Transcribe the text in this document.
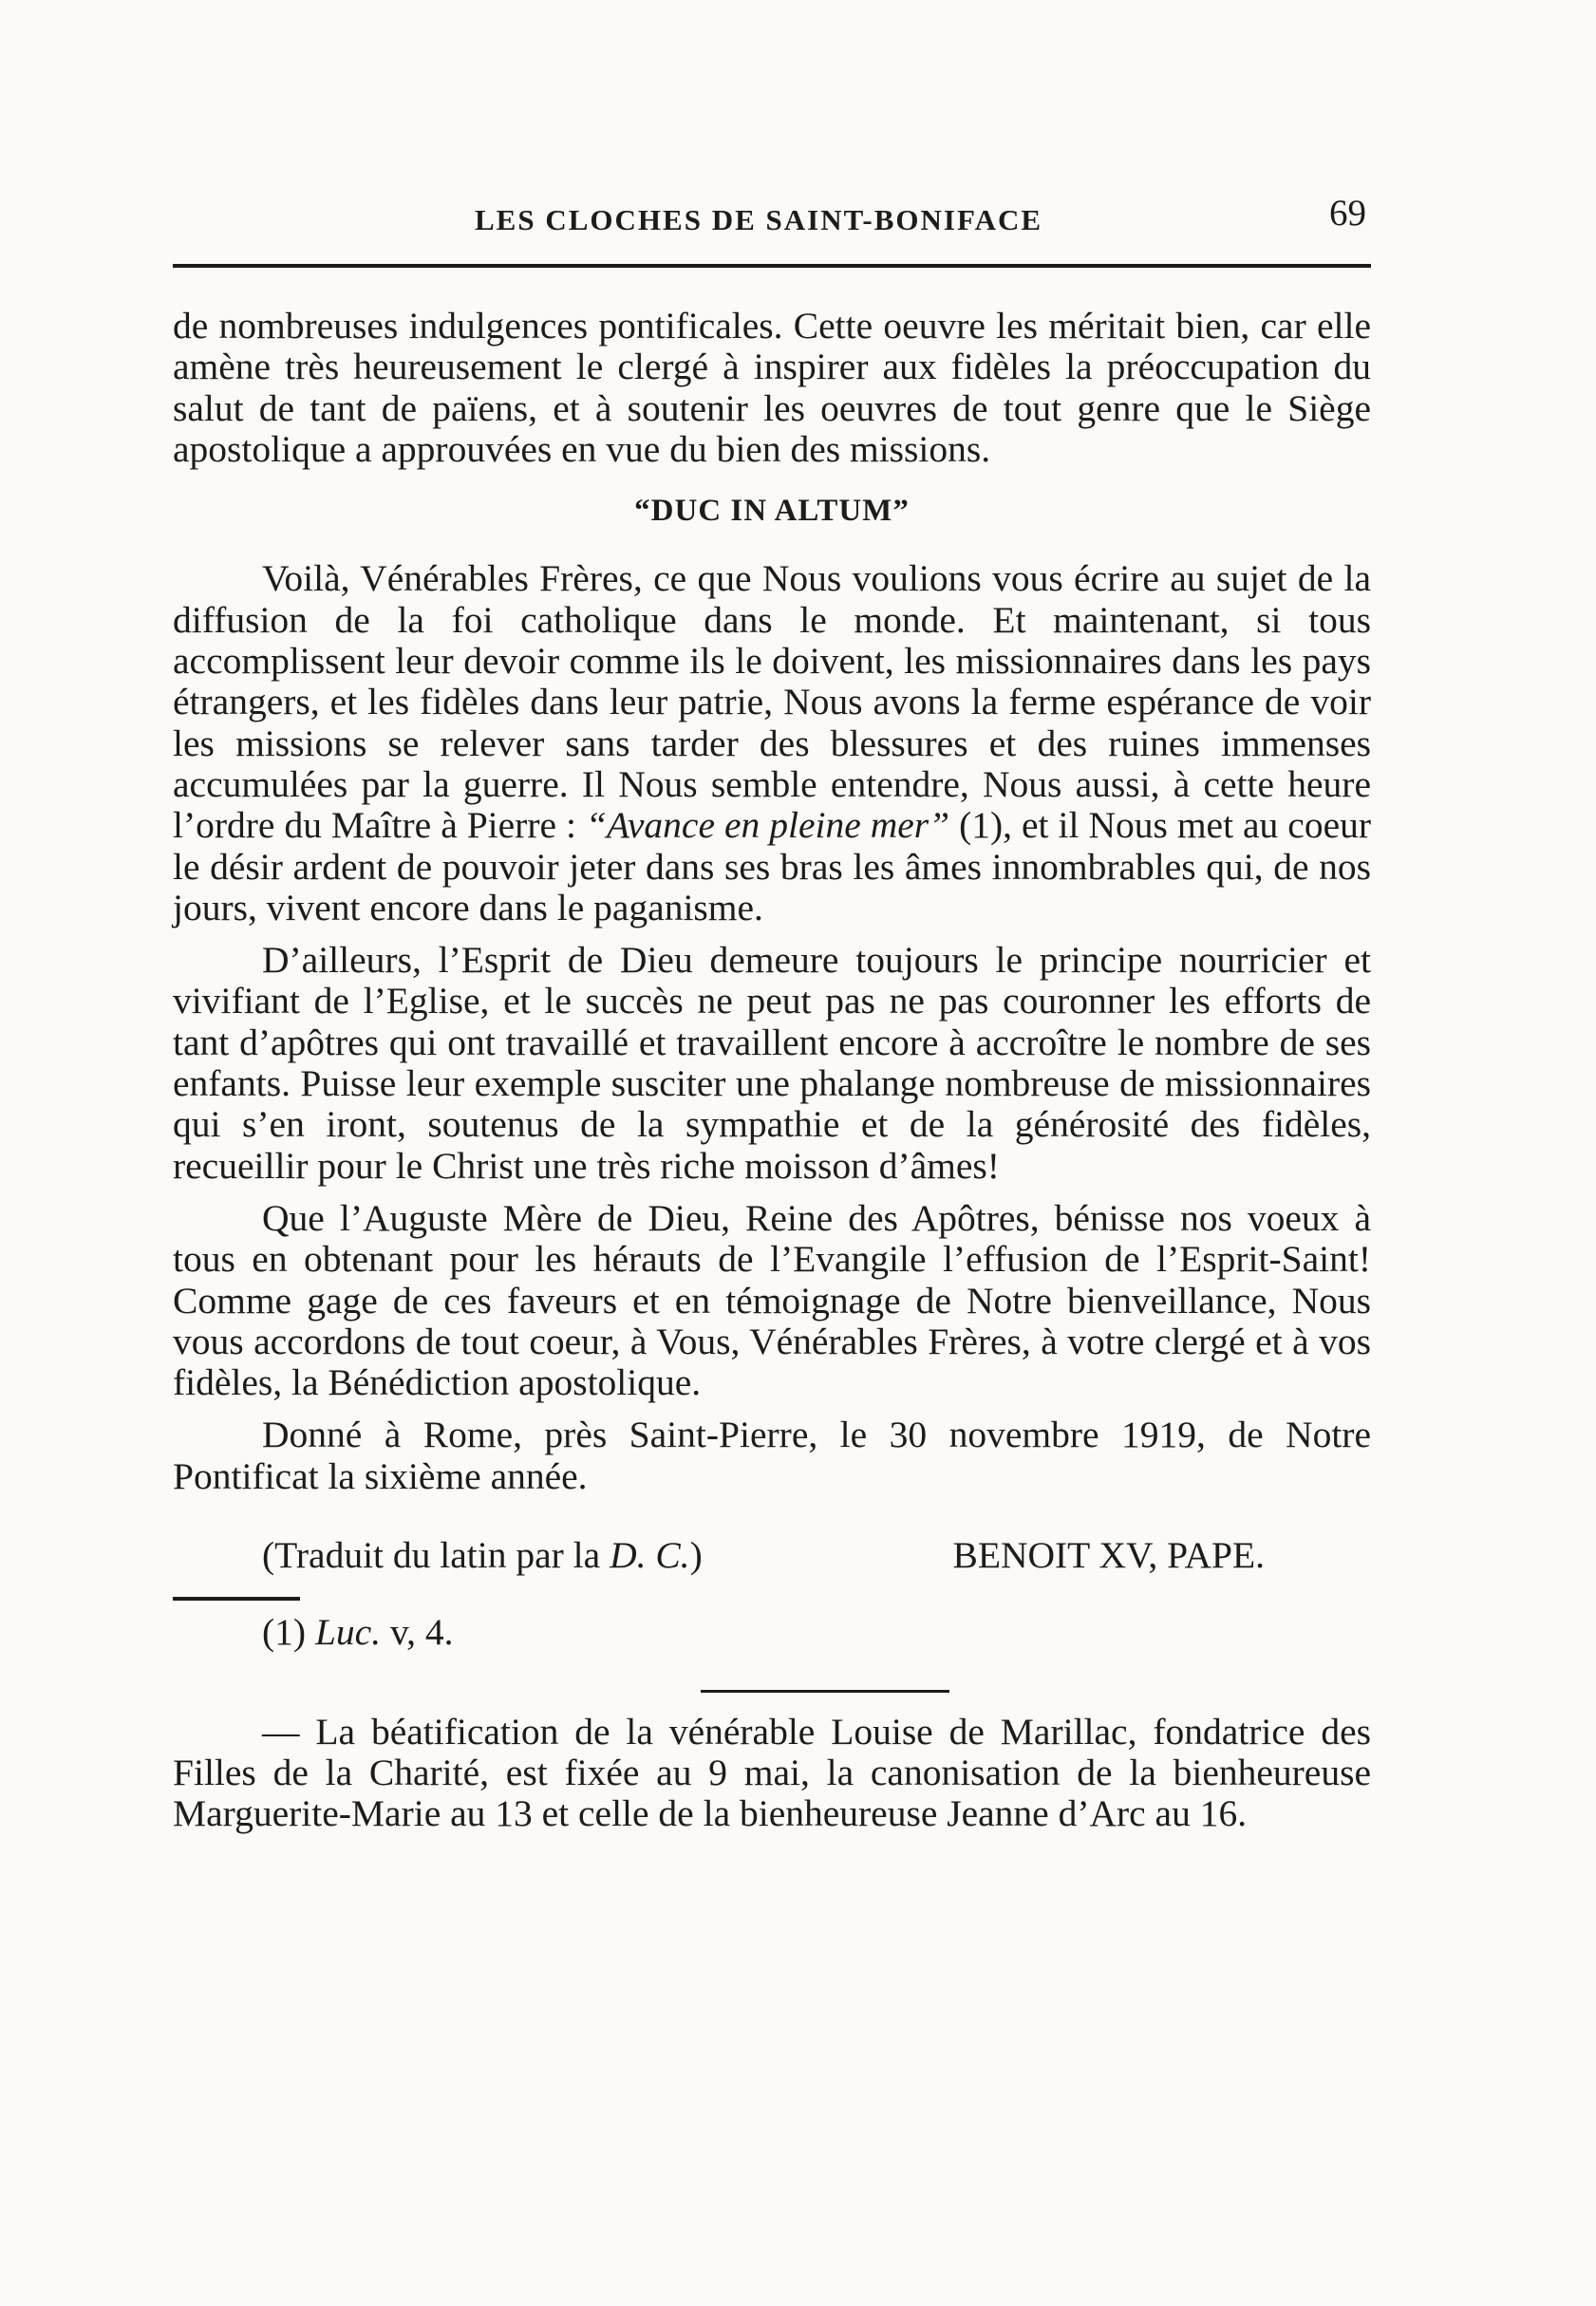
LES CLOCHES DE SAINT-BONIFACE	69

de nombreuses indulgences pontificales. Cette oeuvre les méritait bien, car elle amène très heureusement le clergé à inspirer aux fidèles la préoccupation du salut de tant de païens, et à soutenir les oeuvres de tout genre que le Siège apostolique a approuvées en vue du bien des missions.

“DUC IN ALTUM”

Voilà, Vénérables Frères, ce que Nous voulions vous écrire au sujet de la diffusion de la foi catholique dans le monde. Et maintenant, si tous accomplissent leur devoir comme ils le doivent, les missionnaires dans les pays étrangers, et les fidèles dans leur patrie, Nous avons la ferme espérance de voir les missions se relever sans tarder des blessures et des ruines immenses accumulées par la guerre. Il Nous semble entendre, Nous aussi, à cette heure l’ordre du Maître à Pierre : “Avance en pleine mer” (1), et il Nous met au coeur le désir ardent de pouvoir jeter dans ses bras les âmes innombrables qui, de nos jours, vivent encore dans le paganisme.

D’ailleurs, l’Esprit de Dieu demeure toujours le principe nourricier et vivifiant de l’Eglise, et le succès ne peut pas ne pas couronner les efforts de tant d’apôtres qui ont travaillé et travaillent encore à accroître le nombre de ses enfants. Puisse leur exemple susciter une phalange nombreuse de missionnaires qui s’en iront, soutenus de la sympathie et de la générosité des fidèles, recueillir pour le Christ une très riche moisson d’âmes!

Que l’Auguste Mère de Dieu, Reine des Apôtres, bénisse nos voeux à tous en obtenant pour les hérauts de l’Evangile l’effusion de l’Esprit-Saint! Comme gage de ces faveurs et en témoignage de Notre bienveillance, Nous vous accordons de tout coeur, à Vous, Vénérables Frères, à votre clergé et à vos fidèles, la Bénédiction apostolique.

Donné à Rome, près Saint-Pierre, le 30 novembre 1919, de Notre Pontificat la sixième année.

(Traduit du latin par la D. C.)	BENOIT XV, PAPE.

(1) Luc. v, 4.

— La béatification de la vénérable Louise de Marillac, fondatrice des Filles de la Charité, est fixée au 9 mai, la canonisation de la bienheureuse Marguerite-Marie au 13 et celle de la bienheureuse Jeanne d’Arc au 16.
